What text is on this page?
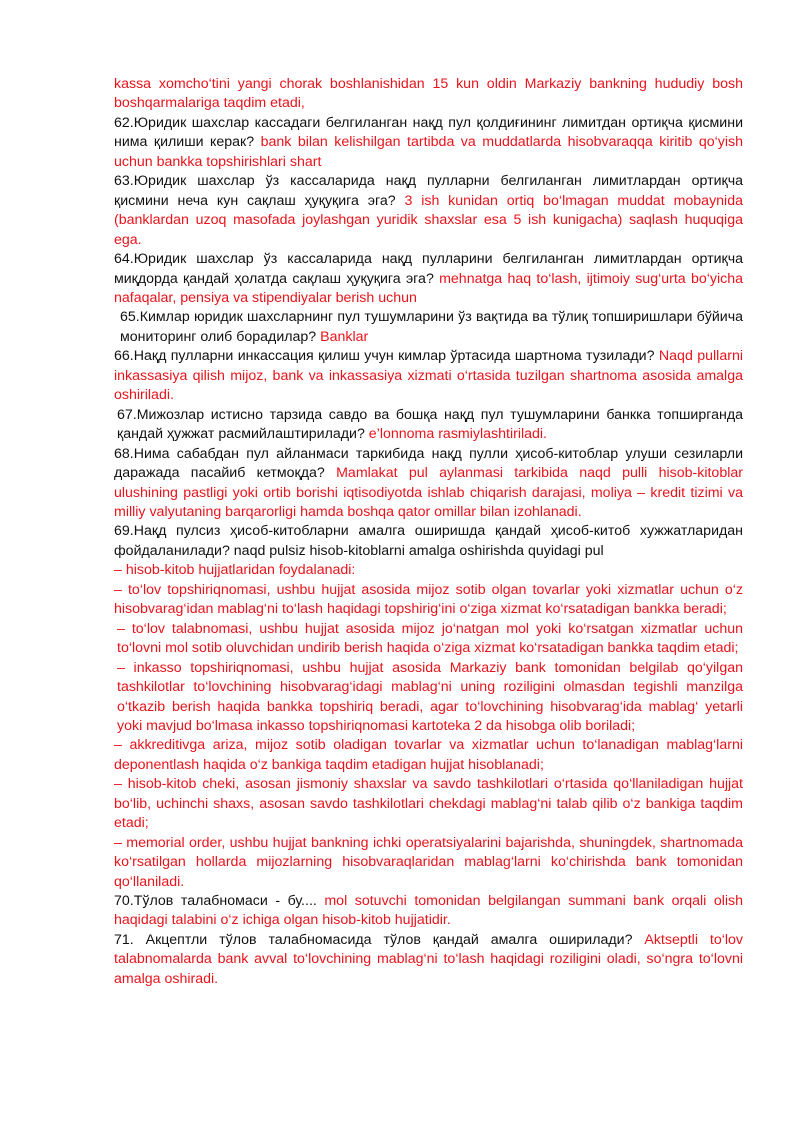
kassa xomcho‘tini yangi chorak boshlanishidan 15 kun oldin Markaziy bankning hududiy bosh boshqarmalariga taqdim etadi,

62.Юридик шахслар кассадаги белгиланган нақд пул қолдиғининг лимитдан ортиқча қисмини нима қилиши керак? bank bilan kelishilgan tartibda va muddatlarda hisobvaraqqa kiritib qo‘yish uchun bankka topshirishlari shart

63.Юридик шахслар ўз кассаларида нақд пулларни белгиланган лимитлардан ортиқча қисмини неча кун сақлаш ҳуқуқига эга? 3 ish kunidan ortiq bo‘lmagan muddat mobaynida (banklardan uzoq masofada joylashgan yuridik shaxslar esa 5 ish kunigacha) saqlash huquqiga ega.

64.Юридик шахслар ўз кассаларида нақд пулларини белгиланган лимитлардан ортиқча миқдорда қандай ҳолатда сақлаш ҳуқуқига эга? mehnatga haq to‘lash, ijtimoiy sug‘urta bo‘yicha nafaqalar, pensiya va stipendiyalar berish uchun

65.Кимлар юридик шахсларнинг пул тушумларини ўз вақтида ва тўлиқ топширишлари бўйича мониторинг олиб борадилар? Banklar

66.Нақд пулларни инкассация қилиш учун кимлар ўртасида шартнома тузилади? Naqd pullarni inkassasiya qilish mijoz, bank va inkassasiya xizmati o‘rtasida tuzilgan shartnoma asosida amalga oshiriladi.

67.Мижозлар истисно тарзида савдо ва бошқа нақд пул тушумларини банкка топширганда қандай ҳужжат расмийлаштирилади? e’lonnoma rasmiylashtiriladi.

68.Нима сабабдан пул айланмаси таркибида нақд пулли ҳисоб-китоблар улуши сезиларли даражада пасайиб кетмоқда? Mamlakat pul aylanmasi tarkibida naqd pulli hisob-kitoblar ulushining pastligi yoki ortib borishi iqtisodiyotda ishlab chiqarish darajasi, moliya – kredit tizimi va milliy valyutaning barqarorligi hamda boshqa qator omillar bilan izohlanadi.

69.Нақд пулсиз ҳисоб-китобларни амалга оширишда қандай ҳисоб-китоб хужжатларидан фойдаланилади? naqd pulsiz hisob-kitoblarni amalga oshirishda quyidagi pul

– hisob-kitob hujjatlaridan foydalanadi:

– to‘lov topshiriqnomasi, ushbu hujjat asosida mijoz sotib olgan tovarlar yoki xizmatlar uchun o‘z hisobvarag‘idan mablag‘ni to‘lash haqidagi topshirig‘ini o‘ziga xizmat ko‘rsatadigan bankka beradi;

– to‘lov talabnomasi, ushbu hujjat asosida mijoz jo‘natgan mol yoki ko‘rsatgan xizmatlar uchun to‘lovni mol sotib oluvchidan undirib berish haqida o‘ziga xizmat ko‘rsatadigan bankka taqdim etadi;

– inkasso topshiriqnomasi, ushbu hujjat asosida Markaziy bank tomonidan belgilab qo‘yilgan tashkilotlar to‘lovchining hisobvarag‘idagi mablag‘ni uning roziligini olmasdan tegishli manzilga o‘tkazib berish haqida bankka topshiriq beradi, agar to‘lovchining hisobvarag‘ida mablag‘ yetarli yoki mavjud bo‘lmasa inkasso topshiriqnomasi kartoteka 2 da hisobga olib boriladi;

– akkreditivga ariza, mijoz sotib oladigan tovarlar va xizmatlar uchun to‘lanadigan mablag‘larni deponentlash haqida o‘z bankiga taqdim etadigan hujjat hisoblanadi;

– hisob-kitob cheki, asosan jismoniy shaxslar va savdo tashkilotlari o‘rtasida qo‘llaniladigan hujjat bo‘lib, uchinchi shaxs, asosan savdo tashkilotlari chekdagi mablag‘ni talab qilib o‘z bankiga taqdim etadi;

– memorial order, ushbu hujjat bankning ichki operatsiyalarini bajarishda, shuningdek, shartnomada ko‘rsatilgan hollarda mijozlarning hisobvaraqlaridan mablag‘larni ko‘chirishda bank tomonidan qo‘llaniladi.

70.Тўлов талабномаси - бу.... mol sotuvchi tomonidan belgilangan summani bank orqali olish haqidagi talabini o‘z ichiga olgan hisob-kitob hujjatidir.

71. Акцептли тўлов талабномасида тўлов қандай амалга оширилади? Aktseptli to‘lov talabnomalarda bank avval to‘lovchining mablag‘ni to‘lash haqidagi roziligini oladi, so‘ngra to‘lovni amalga oshiradi.
